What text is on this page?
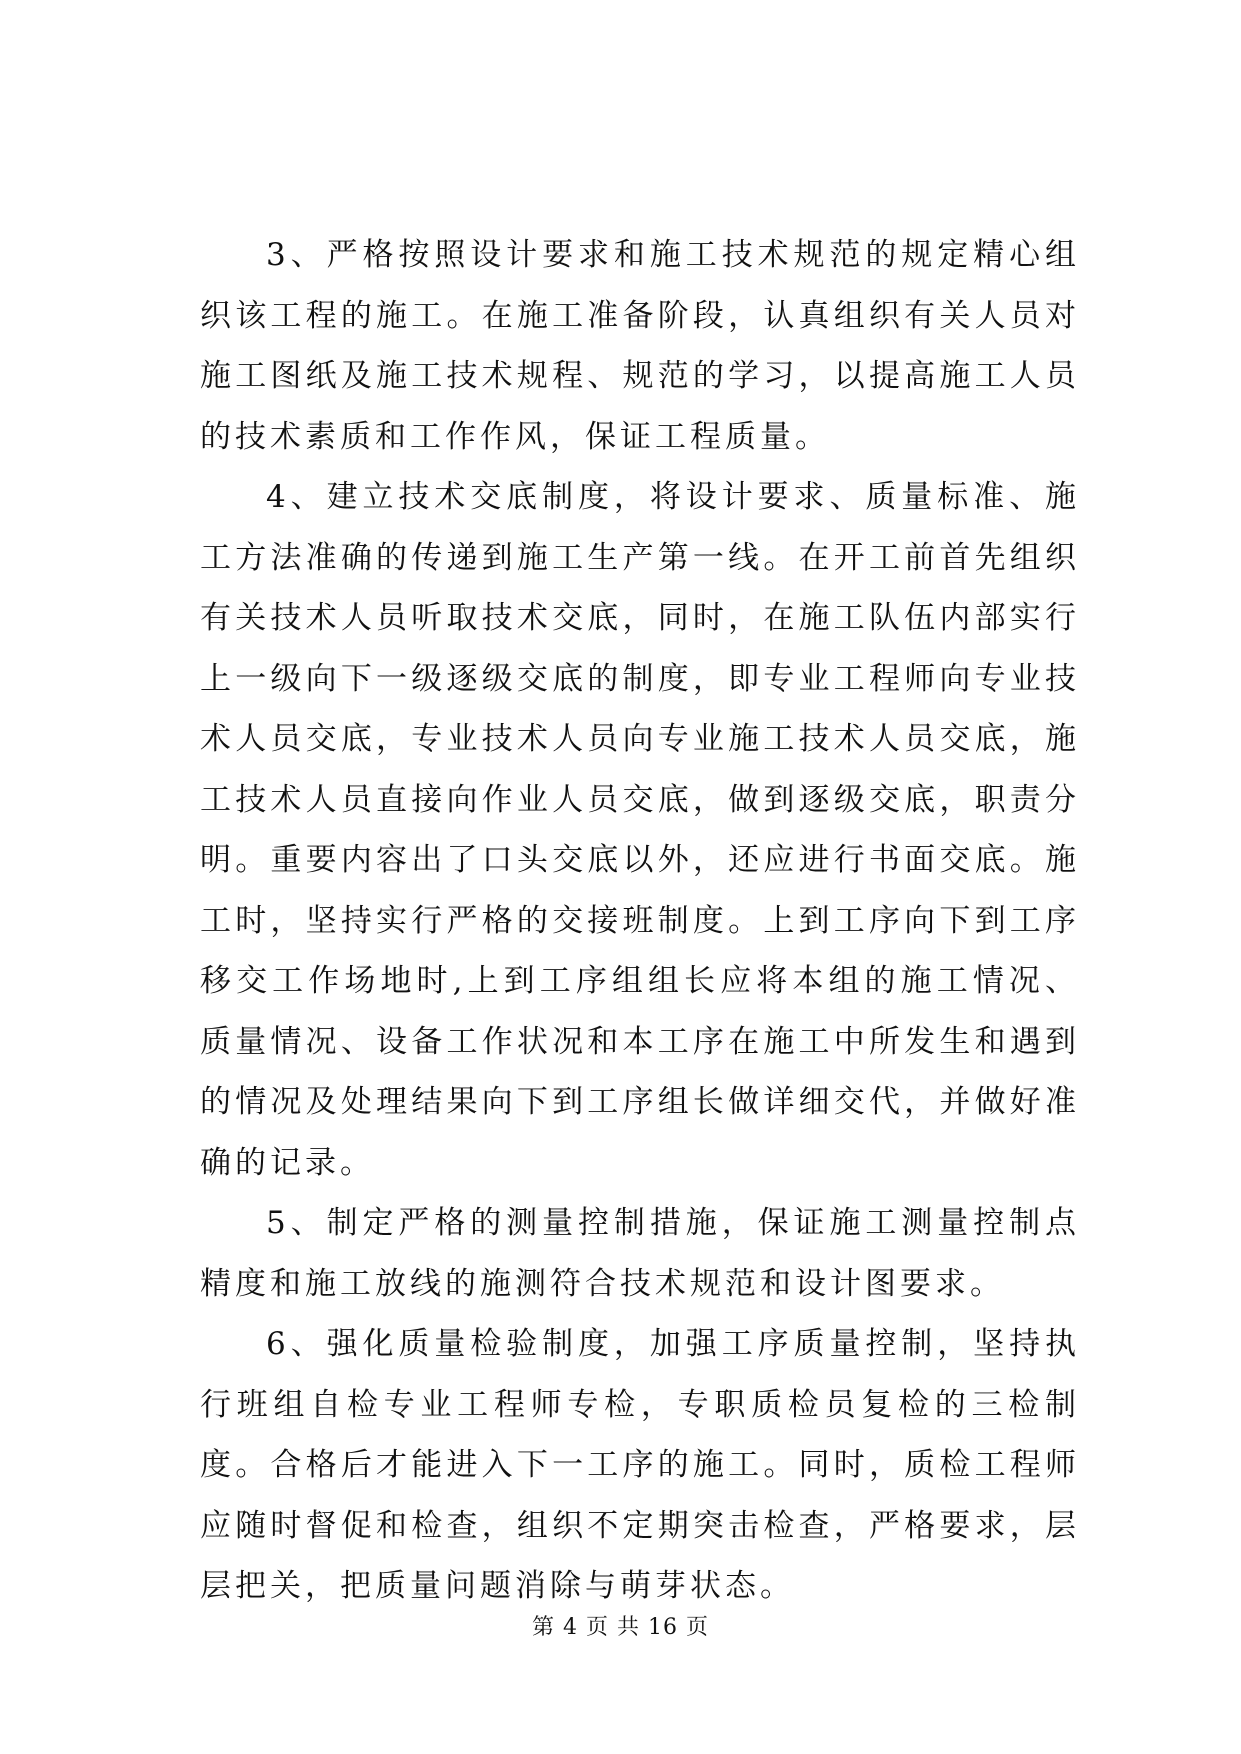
3、严格按照设计要求和施工技术规范的规定精心组织该工程的施工。在施工准备阶段，认真组织有关人员对施工图纸及施工技术规程、规范的学习，以提高施工人员的技术素质和工作作风，保证工程质量。

4、建立技术交底制度，将设计要求、质量标准、施工方法准确的传递到施工生产第一线。在开工前首先组织有关技术人员听取技术交底，同时，在施工队伍内部实行上一级向下一级逐级交底的制度，即专业工程师向专业技术人员交底，专业技术人员向专业施工技术人员交底，施工技术人员直接向作业人员交底，做到逐级交底，职责分明。重要内容出了口头交底以外，还应进行书面交底。施工时，坚持实行严格的交接班制度。上到工序向下到工序移交工作场地时,上到工序组组长应将本组的施工情况、质量情况、设备工作状况和本工序在施工中所发生和遇到的情况及处理结果向下到工序组长做详细交代，并做好准确的记录。

5、制定严格的测量控制措施，保证施工测量控制点精度和施工放线的施测符合技术规范和设计图要求。

6、强化质量检验制度，加强工序质量控制，坚持执行班组自检专业工程师专检，专职质检员复检的三检制度。合格后才能进入下一工序的施工。同时，质检工程师应随时督促和检查，组织不定期突击检查，严格要求，层层把关，把质量问题消除与萌芽状态。

第 4 页 共 16 页
